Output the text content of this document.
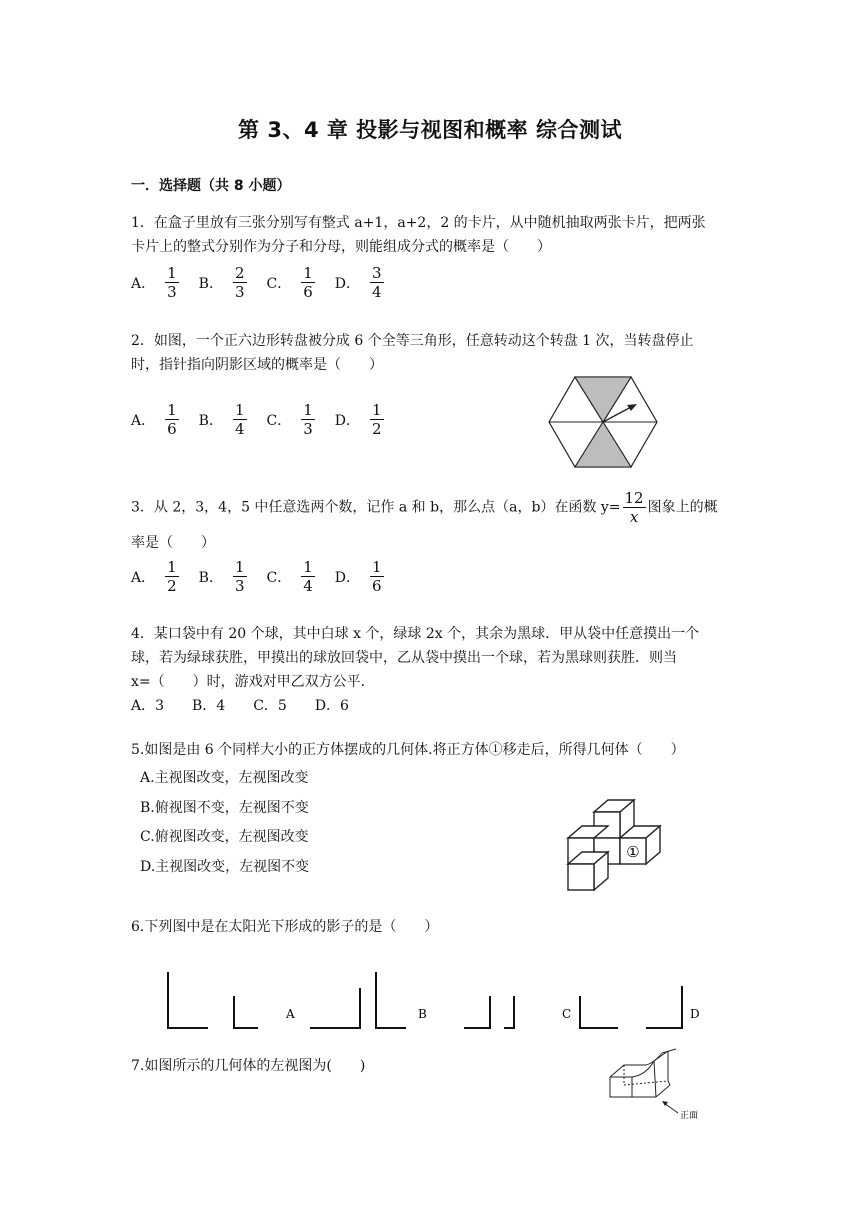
第 3、4 章 投影与视图和概率 综合测试
一．选择题（共 8 小题）
1．在盒子里放有三张分别写有整式 a+1，a+2，2 的卡片，从中随机抽取两张卡片，把两张
卡片上的整式分别作为分子和分母，则能组成分式的概率是（　　）
A． $\frac{1}{3}$ B． $\frac{2}{3}$ C． $\frac{1}{6}$ D． $\frac{3}{4}$
2．如图，一个正六边形转盘被分成 6 个全等三角形，任意转动这个转盘 1 次，当转盘停止
时，指针指向阴影区域的概率是（　　）
A． $\frac{1}{6}$ B． $\frac{1}{4}$ C． $\frac{1}{3}$ D． $\frac{1}{2}$
3．从 2，3，4，5 中任意选两个数，记作 a 和 b，那么点（a，b）在函数 $y= \frac{12}{x}$ 图象上的概
率是（　　）
A． $\frac{1}{2}$ B． $\frac{1}{3}$ C． $\frac{1}{4}$ D． $\frac{1}{6}$
4．某口袋中有 20 个球，其中白球 x 个，绿球 2x 个，其余为黑球．甲从袋中任意摸出一个
球，若为绿球获胜，甲摸出的球放回袋中，乙从袋中摸出一个球，若为黑球则获胜．则当
x=（　　）时，游戏对甲乙双方公平．
A．3　　B．4　　C．5　　D．6
5.如图是由 6 个同样大小的正方体摆成的几何体.将正方体①移走后，所得几何体（　　）
A.主视图改变，左视图改变
B.俯视图不变，左视图不变
C.俯视图改变，左视图改变
D.主视图改变，左视图不变
①
6.下列图中是在太阳光下形成的影子的是（　　）
A	B	C	D
7.如图所示的几何体的左视图为(　　)
正面
